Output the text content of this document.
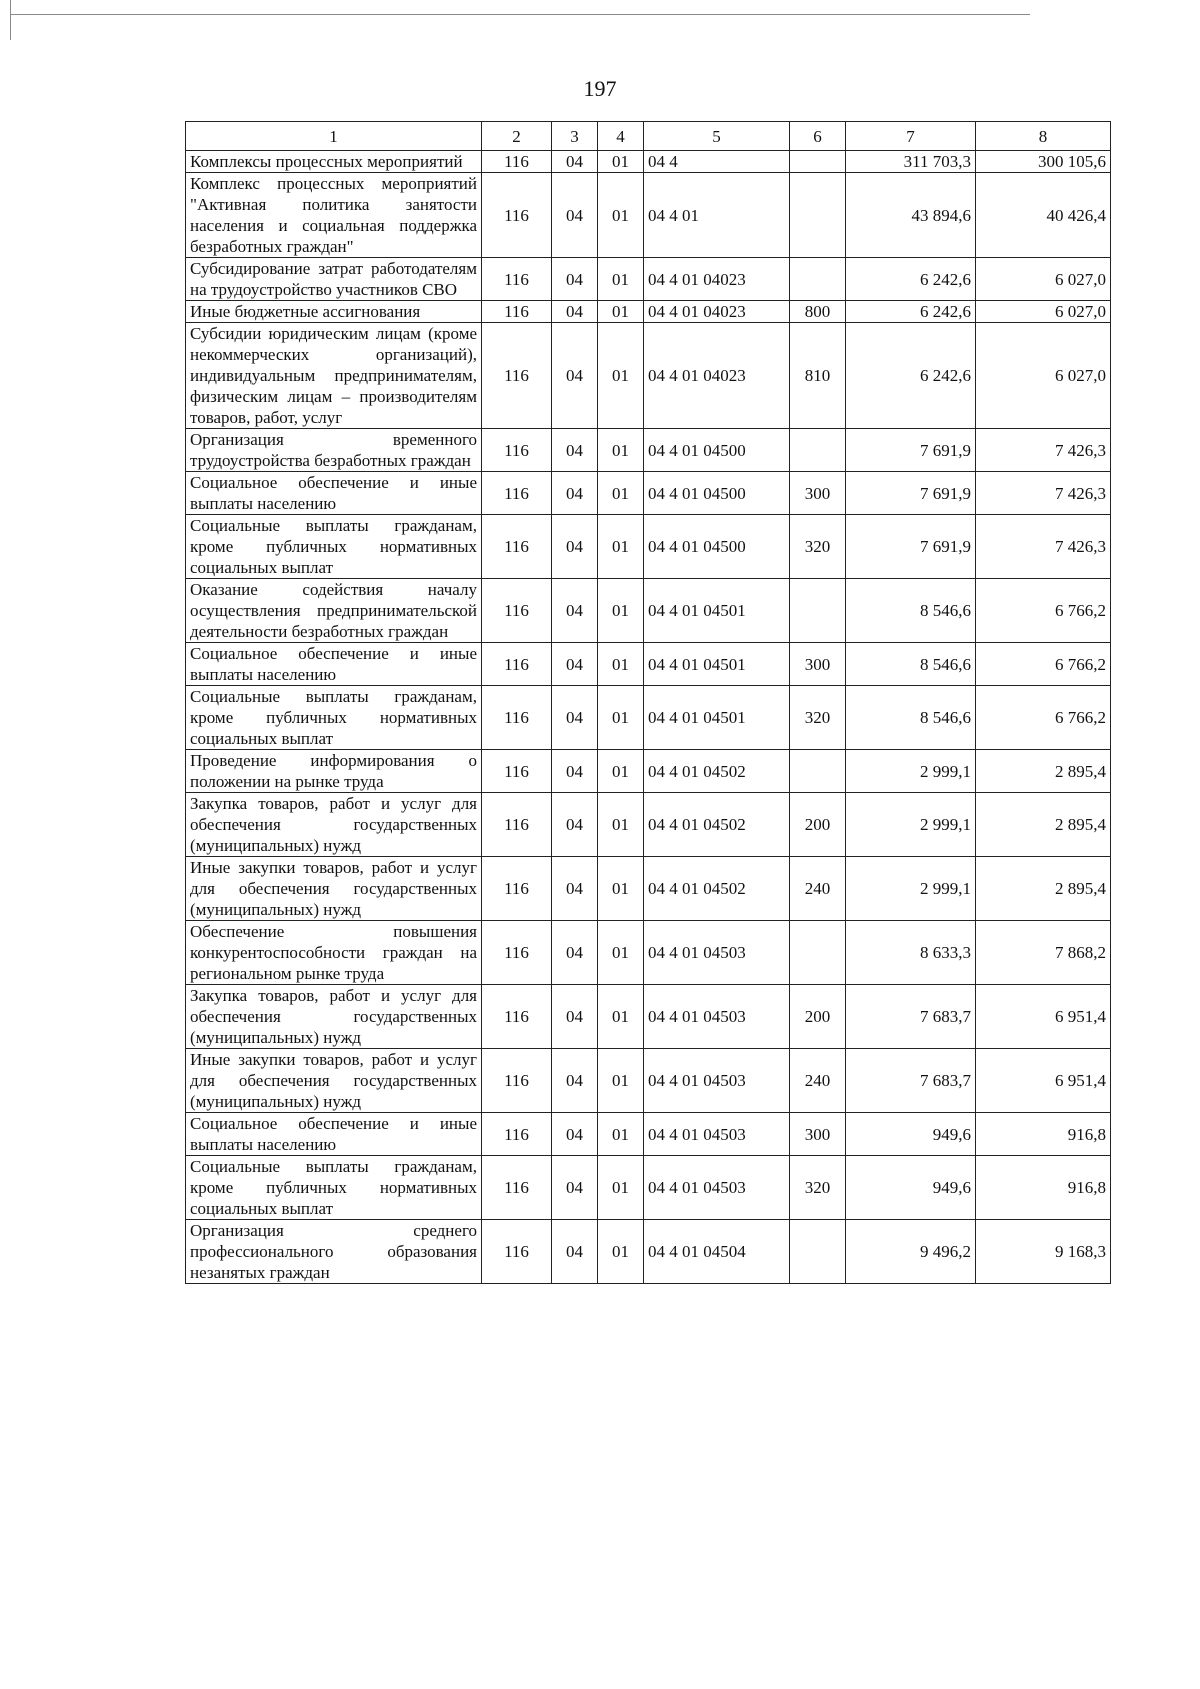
197
1	2	3	4	5	6	7	8
Комплексы процессных мероприятий	116	04	01	04 4		311 703,3	300 105,6
Комплекс процессных мероприятий "Активная политика занятости населения и социальная поддержка безработных граждан"	116	04	01	04 4 01		43 894,6	40 426,4
Субсидирование затрат работодателям на трудоустройство участников СВО	116	04	01	04 4 01 04023		6 242,6	6 027,0
Иные бюджетные ассигнования	116	04	01	04 4 01 04023	800	6 242,6	6 027,0
Субсидии юридическим лицам (кроме некоммерческих организаций), индивидуальным предпринимателям, физическим лицам – производителям товаров, работ, услуг	116	04	01	04 4 01 04023	810	6 242,6	6 027,0
Организация временного трудоустройства безработных граждан	116	04	01	04 4 01 04500		7 691,9	7 426,3
Социальное обеспечение и иные выплаты населению	116	04	01	04 4 01 04500	300	7 691,9	7 426,3
Социальные выплаты гражданам, кроме публичных нормативных социальных выплат	116	04	01	04 4 01 04500	320	7 691,9	7 426,3
Оказание содействия началу осуществления предпринимательской деятельности безработных граждан	116	04	01	04 4 01 04501		8 546,6	6 766,2
Социальное обеспечение и иные выплаты населению	116	04	01	04 4 01 04501	300	8 546,6	6 766,2
Социальные выплаты гражданам, кроме публичных нормативных социальных выплат	116	04	01	04 4 01 04501	320	8 546,6	6 766,2
Проведение информирования о положении на рынке труда	116	04	01	04 4 01 04502		2 999,1	2 895,4
Закупка товаров, работ и услуг для обеспечения государственных (муниципальных) нужд	116	04	01	04 4 01 04502	200	2 999,1	2 895,4
Иные закупки товаров, работ и услуг для обеспечения государственных (муниципальных) нужд	116	04	01	04 4 01 04502	240	2 999,1	2 895,4
Обеспечение повышения конкурентоспособности граждан на региональном рынке труда	116	04	01	04 4 01 04503		8 633,3	7 868,2
Закупка товаров, работ и услуг для обеспечения государственных (муниципальных) нужд	116	04	01	04 4 01 04503	200	7 683,7	6 951,4
Иные закупки товаров, работ и услуг для обеспечения государственных (муниципальных) нужд	116	04	01	04 4 01 04503	240	7 683,7	6 951,4
Социальное обеспечение и иные выплаты населению	116	04	01	04 4 01 04503	300	949,6	916,8
Социальные выплаты гражданам, кроме публичных нормативных социальных выплат	116	04	01	04 4 01 04503	320	949,6	916,8
Организация среднего профессионального образования незанятых граждан	116	04	01	04 4 01 04504		9 496,2	9 168,3
